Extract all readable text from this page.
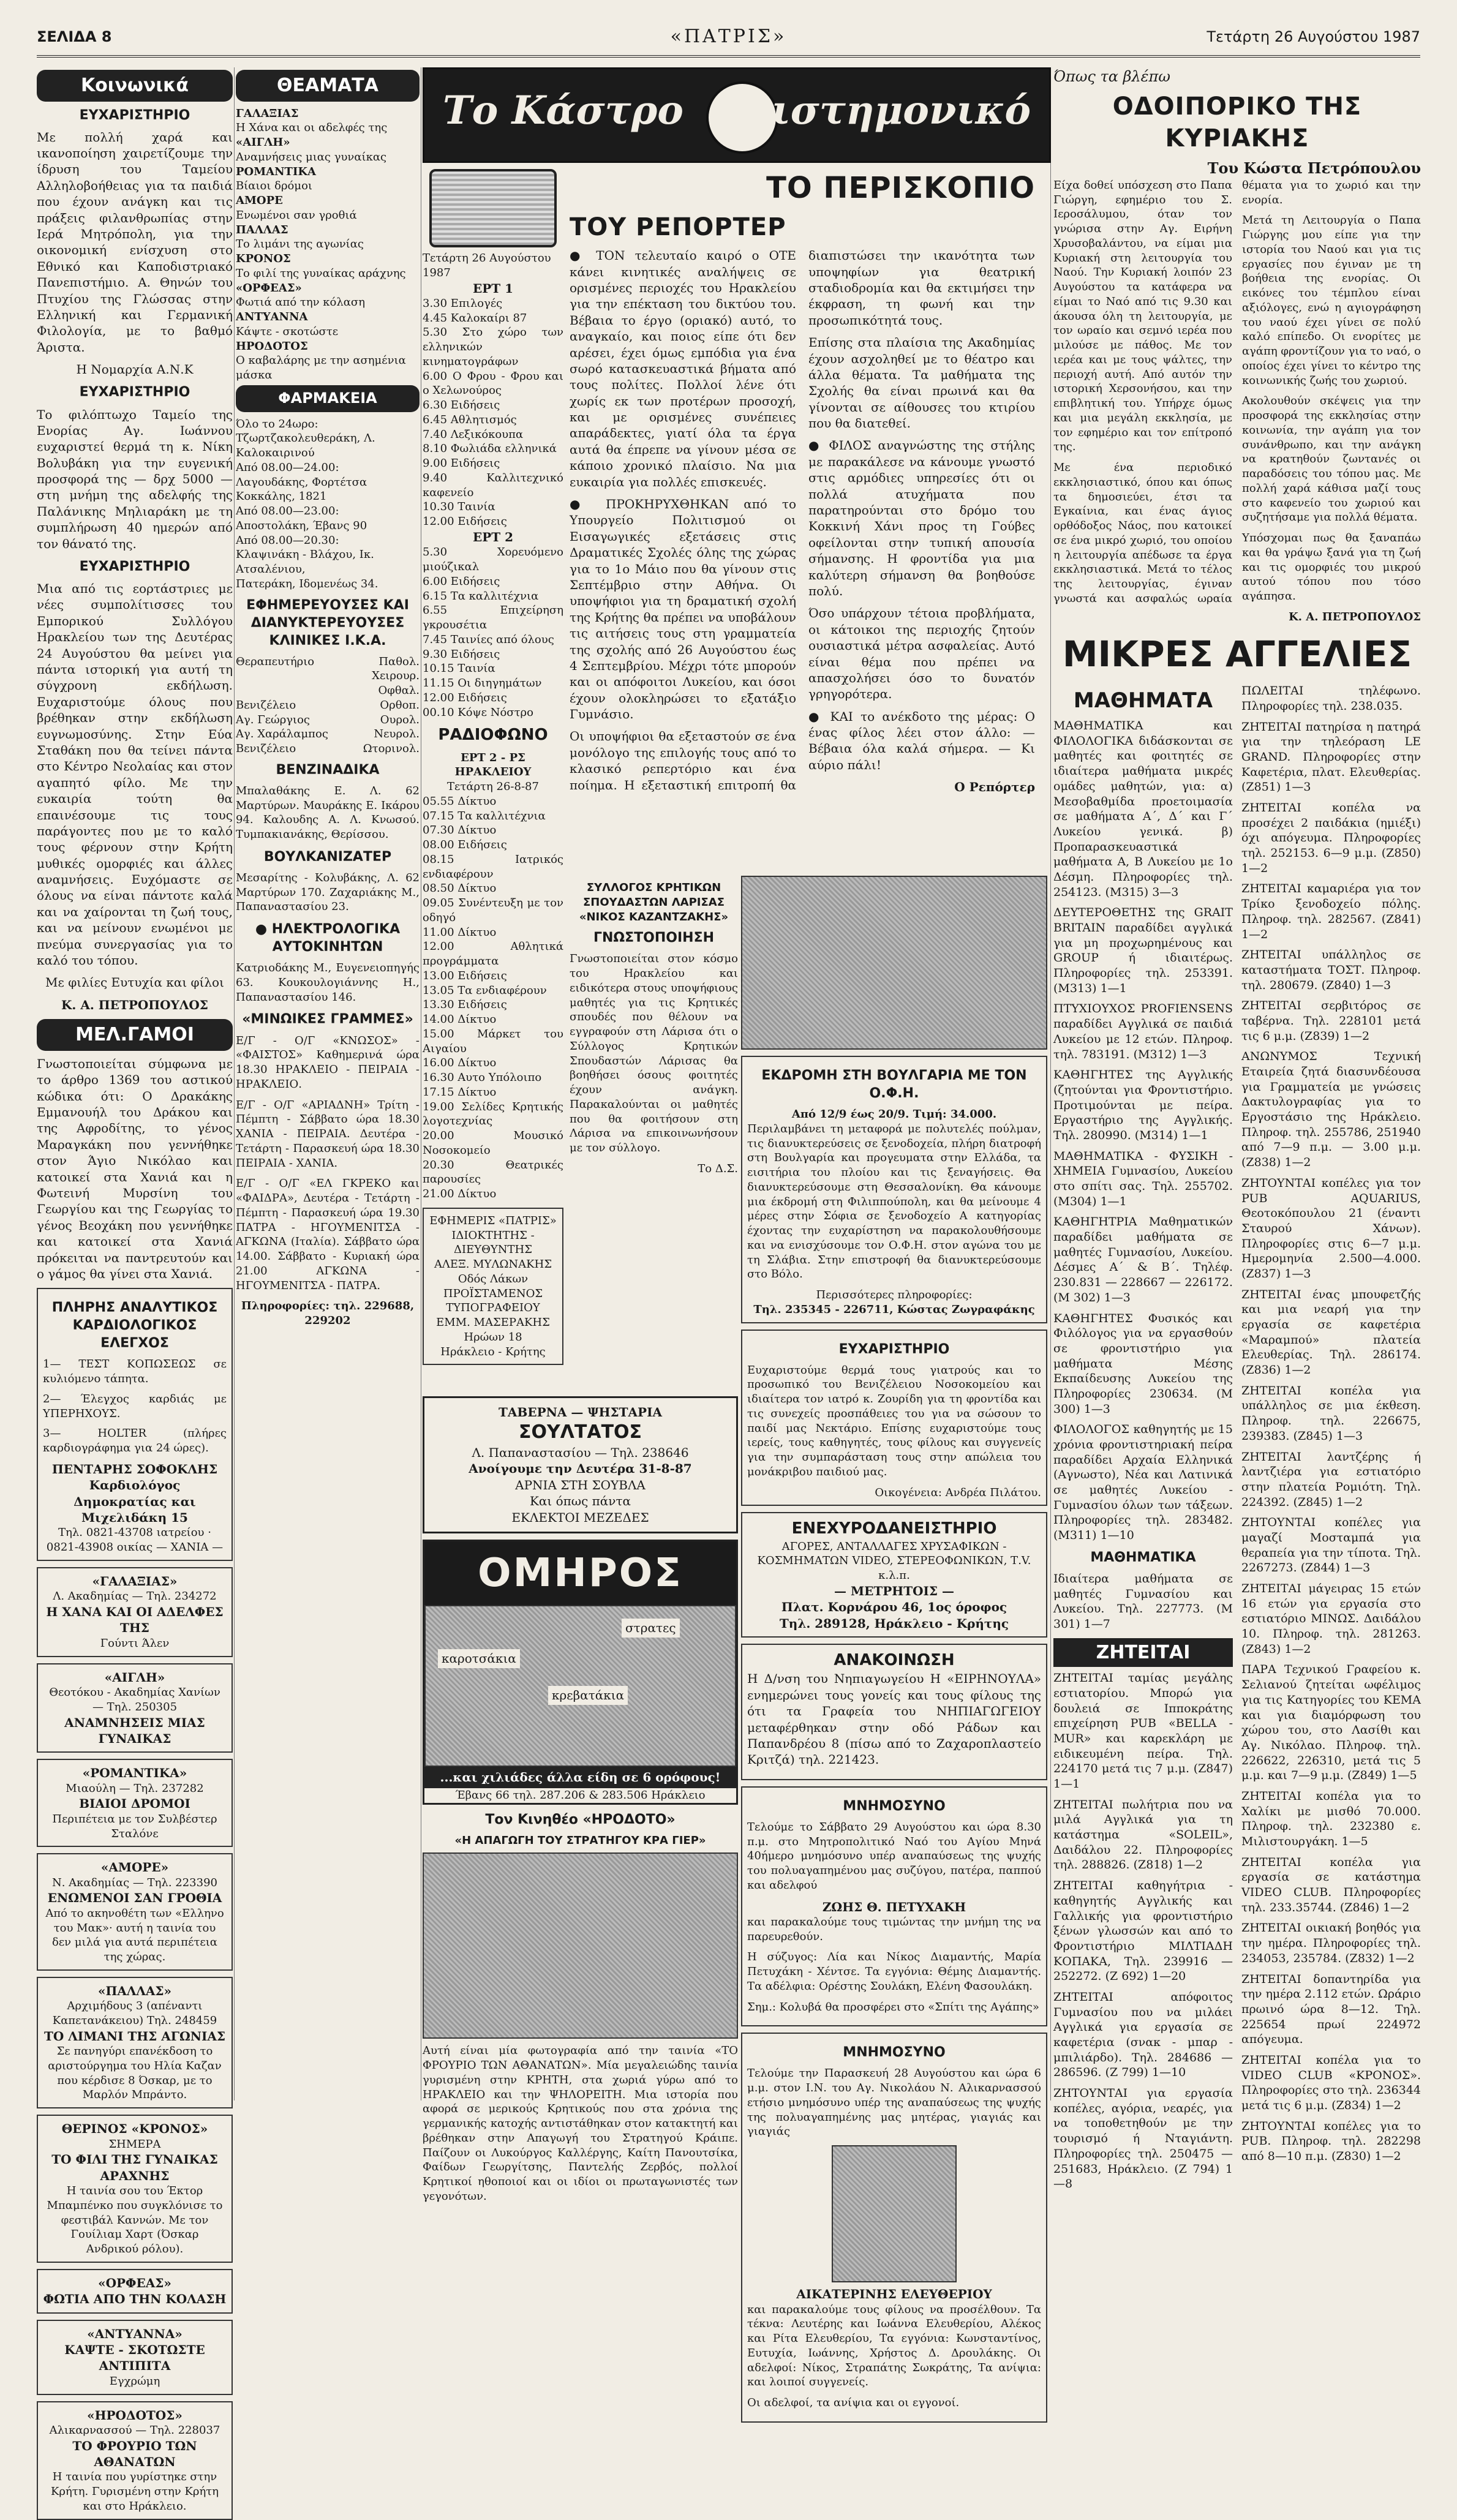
ΣΕΛΙΔΑ 8	«ΠΑΤΡΙΣ»	Τετάρτη 26 Αυγούστου 1987
Κοινωνικά
ΕΥΧΑΡΙΣΤΗΡΙΟ

Με πολλή χαρά και ικανοποίηση χαιρετίζουμε την ίδρυση του Ταμείου Αλληλοβοήθειας για τα παιδιά που έχουν ανάγκη και τις πράξεις φιλανθρωπίας στην Ιερά Μητρόπολη, για την οικονομική ενίσχυση στο Εθνικό και Καποδιστριακό Πανεπιστήμιο. Α. Θηνών του Πτυχίου της Γλώσσας στην Ελληνική και Γερμανική Φιλολογία, με το βαθμό Άριστα.

Η Νομαρχία Α.Ν.Κ

ΕΥΧΑΡΙΣΤΗΡΙΟ

Το φιλόπτωχο Ταμείο της Ενορίας Αγ. Ιωάννου ευχαριστεί θερμά τη κ. Νίκη Βολυβάκη για την ευγενική προσφορά της — δρχ 5000 — στη μνήμη της αδελφής της Παλάνικης Μηλιαράκη με τη συμπλήρωση 40 ημερών από τον θάνατό της.

ΕΥΧΑΡΙΣΤΗΡΙΟ

Μια από τις εορτάστριες με νέες συμπολίτισσες του Εμπορικού Συλλόγου Ηρακλείου των της Δευτέρας 24 Αυγούστου θα μείνει για πάντα ιστορική για αυτή τη σύγχρονη εκδήλωση. Ευχαριστούμε όλους που βρέθηκαν στην εκδήλωση ευγνωμοσύνης. Στην Εύα Σταθάκη που θα τείνει πάντα στο Κέντρο Νεολαίας και στον αγαπητό φίλο. Με την ευκαιρία τούτη θα επαινέσουμε τις τους παράγοντες που με το καλό τους φέρνουν στην Κρήτη μυθικές ομορφιές και άλλες αναμνήσεις. Ευχόμαστε σε όλους να είναι πάντοτε καλά και να χαίρονται τη ζωή τους, και να μείνουν ενωμένοι με πνεύμα συνεργασίας για το καλό του τόπου.

Με φιλίες Ευτυχία και φίλοι

Κ. Α. ΠΕΤΡΟΠΟΥΛΟΣ

ΜΕΛ.ΓΑΜΟΙ

Γνωστοποιείται σύμφωνα με το άρθρο 1369 του αστικού κώδικα ότι: Ο Δρακάκης Εμμανουήλ του Δράκου και της Αφροδίτης, το γένος Μαραγκάκη που γεννήθηκε στον Άγιο Νικόλαο και κατοικεί στα Χανιά και η Φωτεινή Μυρσίνη του Γεωργίου και της Γεωργίας το γένος Βεοχάκη που γεννήθηκε και κατοικεί στα Χανιά πρόκειται να παντρευτούν και ο γάμος θα γίνει στα Χανιά.

ΠΛΗΡΗΣ ΑΝΑΛΥΤΙΚΟΣ ΚΑΡΔΙΟΛΟΓΙΚΟΣ ΕΛΕΓΧΟΣ
1— ΤΕΣΤ ΚΟΠΩΣΕΩΣ σε κυλιόμενο τάπητα.
2— Έλεγχος καρδιάς με ΥΠΕΡΗΧΟΥΣ.
3— HOLTER (πλήρες καρδιογράφημα για 24 ώρες).
ΠΕΝΤΑΡΗΣ ΣΟΦΟΚΛΗΣ Καρδιολόγος
Δημοκρατίας και Μιχελιδάκη 15
Τηλ. 0821-43708 ιατρείου · 0821-43908 οικίας — ΧΑΝΙΑ —
«ΓΑΛΑΞΙΑΣ»
Λ. Ακαδημίας — Τηλ. 234272
Η ΧΑΝΑ ΚΑΙ ΟΙ ΑΔΕΛΦΕΣ ΤΗΣ
Γούντι Άλεν
«ΑΙΓΛΗ»
Θεοτόκου - Ακαδημίας Χανίων — Τηλ. 250305
ΑΝΑΜΝΗΣΕΙΣ ΜΙΑΣ ΓΥΝΑΙΚΑΣ
«ΡΟΜΑΝΤΙΚΑ»
Μιαούλη — Τηλ. 237282
ΒΙΑΙΟΙ ΔΡΟΜΟΙ
Περιπέτεια με τον Συλβέστερ Σταλόνε
«ΑΜΟΡΕ»
Ν. Ακαδημίας — Τηλ. 223390
ΕΝΩΜΕΝΟΙ ΣΑΝ ΓΡΟΘΙΑ
Από το ακηνοθέτη των «Ελληνο του Μακ»· αυτή η ταινία του δεν μιλά για αυτά περιπέτεια της χώρας.
«ΠΑΛΛΑΣ»
Αρχιμήδους 3 (απέναντι Καπετανάκειου) Τηλ. 248459
ΤΟ ΛΙΜΑΝΙ ΤΗΣ ΑΓΩΝΙΑΣ
Σε πανηγύρι επανέκδοση το αριστούργημα του Ηλία Καζαν που κέρδισε 8 Όσκαρ, με το Μαρλόν Μπράντο.
ΘΕΡΙΝΟΣ «ΚΡΟΝΟΣ»
ΣΗΜΕΡΑ
ΤΟ ΦΙΛΙ ΤΗΣ ΓΥΝΑΙΚΑΣ ΑΡΑΧΝΗΣ
Η ταινία σου του Έκτορ Μπαμπένκο που συγκλόνισε το φεστιβάλ Καννών. Με τον Γουίλιαμ Χαρτ (Όσκαρ Ανδρικού ρόλου).
«ΟΡΦΕΑΣ»
ΦΩΤΙΑ ΑΠΟ ΤΗΝ ΚΟΛΑΣΗ
«ΑΝΤΥΑΝΝΑ»
ΚΑΨΤΕ - ΣΚΟΤΩΣΤΕ ΑΝΤΙΠΙΤΑ
Εγχρώμη
«ΗΡΟΔΟΤΟΣ»
Αλικαρνασσού — Τηλ. 228037
ΤΟ ΦΡΟΥΡΙΟ ΤΩΝ ΑΘΑΝΑΤΩΝ
Η ταινία που γυρίστηκε στην Κρήτη. Γυρισμένη στην Κρήτη και στο Ηράκλειο.
ΘΕΑΜΑΤΑ
ΓΑΛΑΞΙΑΣ
Η Χάνα και οι αδελφές της
«ΑΙΓΛΗ»
Αναμνήσεις μιας γυναίκας
ΡΟΜΑΝΤΙΚΑ
Βίαιοι δρόμοι
ΑΜΟΡΕ
Ενωμένοι σαν γροθιά
ΠΑΛΛΑΣ
Το λιμάνι της αγωνίας
ΚΡΟΝΟΣ
Το φιλί της γυναίκας αράχνης
«ΟΡΦΕΑΣ»
Φωτιά από την κόλαση
ΑΝΤΥΑΝΝΑ
Κάψτε - σκοτώστε
ΗΡΟΔΟΤΟΣ
Ο καβαλάρης με την ασημένια μάσκα
ΦΑΡΜΑΚΕΙΑ
Όλο το 24ωρο:
Τζωρτζακολευθεράκη, Λ. Καλοκαιρινού
Από 08.00—24.00:
Λαγουδάκης, Φορτέτσα
Κοκκάλης, 1821
Από 08.00—23.00:
Αποστολάκη, Έβανς 90
Από 08.00—20.30:
Κλαψινάκη - Βλάχου, Ικ. Ατσαλένιου,
Πατεράκη, Ιδομενέως 34.
ΕΦΗΜΕΡΕΥΟΥΣΕΣ ΚΑΙ ΔΙΑΝΥΚΤΕΡΕΥΟΥΣΕΣ ΚΛΙΝΙΚΕΣ Ι.Κ.Α.
Θεραπευτήριο	Παθολ.
Χειρουρ.
Οφθαλ.
Βενιζέλειο	Ορθοπ.
Αγ. Γεώργιος	Ουρολ.
Αγ. Χαράλαμπος	Νευρολ.
Βενιζέλειο	Ωτορινολ.
ΒΕΝΖΙΝΑΔΙΚΑ

Μπαλαθάκης Ε. Λ. 62 Μαρτύρων. Μαυράκης Ε. Ικάρου 94. Καλουδης Α. Λ. Κνωσού. Τυμπακιανάκης, Θερίσσου.

ΒΟΥΛΚΑΝΙΖΑΤΕΡ

Μεσαρίτης - Κολυβάκης, Λ. 62 Μαρτύρων 170. Ζαχαριάκης Μ., Παπαναστασίου 23.

● ΗΛΕΚΤΡΟΛΟΓΙΚΑ ΑΥΤΟΚΙΝΗΤΩΝ

Κατριοδάκης Μ., Ευγενειοπηγής 63. Κουκουλογιάννης Η., Παπαναστασίου 146.

«ΜΙΝΩΙΚΕΣ ΓΡΑΜΜΕΣ»

Ε/Γ - Ο/Γ «ΚΝΩΣΟΣ» - «ΦΑΙΣΤΟΣ» Καθημερινά ώρα 18.30 ΗΡΑΚΛΕΙΟ - ΠΕΙΡΑΙΑ - ΗΡΑΚΛΕΙΟ.

Ε/Γ - Ο/Γ «ΑΡΙΑΔΝΗ» Τρίτη - Πέμπτη - Σάββατο ώρα 18.30 ΧΑΝΙΑ - ΠΕΙΡΑΙΑ. Δευτέρα - Τετάρτη - Παρασκευή ώρα 18.30 ΠΕΙΡΑΙΑ - ΧΑΝΙΑ.

Ε/Γ - Ο/Γ «ΕΛ ΓΚΡΕΚΟ και «ΦΑΙΔΡΑ», Δευτέρα - Τετάρτη - Πέμπτη - Παρασκευή ώρα 19.30 ΠΑΤΡΑ - ΗΓΟΥΜΕΝΙΤΣΑ - ΑΓΚΩΝΑ (Ιταλία). Σάββατο ώρα 14.00. Σάββατο - Κυριακή ώρα 21.00 ΑΓΚΩΝΑ - ΗΓΟΥΜΕΝΙΤΣΑ - ΠΑΤΡΑ.

Πληροφορίες: τηλ. 229688, 229202

Το Κάστρο Επιστημονικό
Τετάρτη 26 Αυγούστου 1987
ΕΡΤ 1
3.30 Επιλογές
4.45 Καλοκαίρι 87
5.30 Στο χώρο των ελληνικών κινηματογράφων
6.00 Ο Φρου - Φρου και ο Χελωνούρος
6.30 Ειδήσεις
6.45 Αθλητισμός
7.40 Λεξικόκουπα
8.10 Φωλιάδα ελληνικά
9.00 Ειδήσεις
9.40 Καλλιτεχνικό καφενείο
10.30 Ταινία
12.00 Ειδήσεις
ΕΡΤ 2
5.30 Χορευόμενο μιούζικαλ
6.00 Ειδήσεις
6.15 Τα καλλιτέχνια
6.55 Επιχείρηση γκρουσέτια
7.45 Ταινίες από όλους
9.30 Ειδήσεις
10.15 Ταινία
11.15 Οι διηγημάτων
12.00 Ειδήσεις
00.10 Κόψε Νόστρο
ΡΑΔΙΟΦΩΝΟ
ΕΡΤ 2 - ΡΣ ΗΡΑΚΛΕΙΟΥ
Τετάρτη 26-8-87
05.55 Δίκτυο
07.15 Τα καλλιτέχνια
07.30 Δίκτυο
08.00 Ειδήσεις
08.15 Ιατρικός ενδιαφέρουν
08.50 Δίκτυο
09.05 Συνέντευξη με τον οδηγό
11.00 Δίκτυο
12.00 Αθλητικά προγράμματα
13.00 Ειδήσεις
13.05 Τα ενδιαφέρουν
13.30 Ειδήσεις
14.00 Δίκτυο
15.00 Μάρκετ του Αιγαίου
16.00 Δίκτυο
16.30 Αυτο Υπόλοιπο
17.15 Δίκτυο
19.00 Σελίδες Κρητικής λογοτεχνίας
20.00 Μουσικό Νοσοκομείο
20.30 Θεατρικές παρουσίες
21.00 Δίκτυο
ΕΦΗΜΕΡΙΣ «ΠΑΤΡΙΣ»
ΙΔΙΟΚΤΗΤΗΣ - ΔΙΕΥΘΥΝΤΗΣ
ΑΛΕΞ. ΜΥΛΩΝΑΚΗΣ
Οδός Λάκων
ΠΡΟΪΣΤΑΜΕΝΟΣ ΤΥΠΟΓΡΑΦΕΙΟΥ
ΕΜΜ. ΜΑΣΕΡΑΚΗΣ
Ηρώων 18
Ηράκλειο - Κρήτης
ΤΟ ΠΕΡΙΣΚΟΠΙΟ
ΤΟΥ ΡΕΠΟΡΤΕΡ

● ΤΟΝ τελευταίο καιρό ο ΟΤΕ κάνει κινητικές αναλήψεις σε ορισμένες περιοχές του Ηρακλείου για την επέκταση του δικτύου του. Βέβαια το έργο (οριακό) αυτό, το αναγκαίο, και ποιος είπε ότι δεν αρέσει, έχει όμως εμπόδια για ένα σωρό κατασκευαστικά βήματα από τους πολίτες. Πολλοί λένε ότι χωρίς εκ των προτέρων προσοχή, και με ορισμένες συνέπειες απαράδεκτες, γιατί όλα τα έργα αυτά θα έπρεπε να γίνουν μέσα σε κάποιο χρονικό πλαίσιο. Να μια ευκαιρία για πολλές επισκευές.

● ΠΡΟΚΗΡΥΧΘΗΚΑΝ από το Υπουργείο Πολιτισμού οι Εισαγωγικές εξετάσεις στις Δραματικές Σχολές όλης της χώρας για το 1ο Μάιο που θα γίνουν στις Σεπτέμβριο στην Αθήνα. Οι υποψήφιοι για τη δραματική σχολή της Κρήτης θα πρέπει να υποβάλουν τις αιτήσεις τους στη γραμματεία της σχολής από 26 Αυγούστου έως 4 Σεπτεμβρίου. Μέχρι τότε μπορούν και οι απόφοιτοι Λυκείου, και όσοι έχουν ολοκληρώσει το εξατάξιο Γυμνάσιο.

Οι υποψήφιοι θα εξεταστούν σε ένα μονόλογο της επιλογής τους από το κλασικό ρεπερτόριο και ένα ποίημα. Η εξεταστική επιτροπή θα διαπιστώσει την ικανότητα των υποψηφίων για θεατρική σταδιοδρομία και θα εκτιμήσει την έκφραση, τη φωνή και την προσωπικότητά τους.

Επίσης στα πλαίσια της Ακαδημίας έχουν ασχοληθεί με το θέατρο και άλλα θέματα. Τα μαθήματα της Σχολής θα είναι πρωινά και θα γίνονται σε αίθουσες του κτιρίου που θα διατεθεί.

● ΦΙΛΟΣ αναγνώστης της στήλης με παρακάλεσε να κάνουμε γνωστό στις αρμόδιες υπηρεσίες ότι οι πολλά ατυχήματα που παρατηρούνται στο δρόμο του Κοκκινή Χάνι προς τη Γούβες οφείλονται στην τυπική απουσία σήμανσης. Η φροντίδα για μια καλύτερη σήμανση θα βοηθούσε πολύ.

Όσο υπάρχουν τέτοια προβλήματα, οι κάτοικοι της περιοχής ζητούν ουσιαστικά μέτρα ασφαλείας. Αυτό είναι θέμα που πρέπει να απασχολήσει όσο το δυνατόν γρηγορότερα.

● ΚΑΙ το ανέκδοτο της μέρας: Ο ένας φίλος λέει στον άλλο: — Βέβαια όλα καλά σήμερα. — Κι αύριο πάλι!

Ο Ρεπόρτερ

ΣΥΛΛΟΓΟΣ ΚΡΗΤΙΚΩΝ ΣΠΟΥΔΑΣΤΩΝ ΛΑΡΙΣΑΣ «ΝΙΚΟΣ ΚΑΖΑΝΤΖΑΚΗΣ»
ΓΝΩΣΤΟΠΟΙΗΣΗ

Γνωστοποιείται στον κόσμο του Ηρακλείου και ειδικότερα στους υποψήφιους μαθητές για τις Κρητικές σπουδές που θέλουν να εγγραφούν στη Λάρισα ότι ο Σύλλογος Κρητικών Σπουδαστών Λάρισας θα βοηθήσει όσους φοιτητές έχουν ανάγκη. Παρακαλούνται οι μαθητές που θα φοιτήσουν στη Λάρισα να επικοινωνήσουν με τον σύλλογο.

Το Δ.Σ.

ΤΑΒΕΡΝΑ — ΨΗΣΤΑΡΙΑ
ΣΟΥΛΤΑΤΟΣ
Λ. Παπαναστασίου — Τηλ. 238646
Ανοίγουμε την Δευτέρα 31-8-87
ΑΡΝΙΑ ΣΤΗ ΣΟΥΒΛΑ
Και όπως πάντα
ΕΚΛΕΚΤΟΙ ΜΕΖΕΔΕΣ
ΟΜΗΡΟΣ
στρατες
καροτσάκια
κρεβατάκια
...και χιλιάδες άλλα είδη σε 6 ορόφους!
Έβανς 66 τηλ. 287.206 & 283.506 Ηράκλειο
Τον Κινηθέο «ΗΡΟΔΟΤΟ»
«Η ΑΠΑΓΩΓΗ ΤΟΥ ΣΤΡΑΤΗΓΟΥ ΚΡΑ ΓΙΕΡ»

Αυτή είναι μία φωτογραφία από την ταινία «ΤΟ ΦΡΟΥΡΙΟ ΤΩΝ ΑΘΑΝΑΤΩΝ». Μία μεγαλειώδης ταινία γυρισμένη στην ΚΡΗΤΗ, στα χωριά γύρω από το ΗΡΑΚΛΕΙΟ και την ΨΗΛΟΡΕΙΤΗ. Μια ιστορία που αφορά σε μερικούς Κρητικούς που στα χρόνια της γερμανικής κατοχής αντιστάθηκαν στον κατακτητή και βρέθηκαν στην Απαγωγή του Στρατηγού Κράιπε. Παίζουν οι Λυκούργος Καλλέργης, Καίτη Πανουτσίκα, Φαίδων Γεωργίτσης, Παντελής Ζερβός, πολλοί Κρητικοί ηθοποιοί και οι ιδίοι οι πρωταγωνιστές των γεγονότων.

ΕΚΔΡΟΜΗ ΣΤΗ ΒΟΥΛΓΑΡΙΑ ΜΕ ΤΟΝ Ο.Φ.Η.
Από 12/9 έως 20/9. Τιμή: 34.000.

Περιλαμβάνει τη μεταφορά με πολυτελές πούλμαν, τις διανυκτερεύσεις σε ξενοδοχεία, πλήρη διατροφή στη Βουλγαρία και προγευματα στην Ελλάδα, τα εισιτήρια του πλοίου και τις ξεναγήσεις. Θα διανυκτερεύσουμε στη Θεσσαλονίκη. Θα κάνουμε μια έκδρομή στη Φιλιππούπολη, και θα μείνουμε 4 μέρες στην Σόφια σε ξενοδοχείο Α κατηγορίας έχοντας την ευχαρίστηση να παρακολουθήσουμε και να ενισχύσουμε τον Ο.Φ.Η. στον αγώνα του με τη Σλάβια. Στην επιστροφή θα διανυκτερεύσουμε στο Βόλο.

Περισσότερες πληροφορίες:
Τηλ. 235345 - 226711, Κώστας Ζωγραφάκης
ΕΥΧΑΡΙΣΤΗΡΙΟ

Ευχαριστούμε θερμά τους γιατρούς και το προσωπικό του Βενιζέλειου Νοσοκομείου και ιδιαίτερα τον ιατρό κ. Ζουρίδη για τη φροντίδα και τις συνεχείς προσπάθειες του για να σώσουν το παιδί μας Νεκτάριο. Επίσης ευχαριστούμε τους ιερείς, τους καθηγητές, τους φίλους και συγγενείς για την συμπαράσταση τους στην απώλεια του μονάκριβου παιδιού μας.

Οικογένεια: Ανδρέα Πιλάτου.
ΕΝΕΧΥΡΟΔΑΝΕΙΣΤΗΡΙΟ
ΑΓΟΡΕΣ, ΑΝΤΑΛΛΑΓΕΣ ΧΡΥΣΑΦΙΚΩΝ - ΚΟΣΜΗΜΑΤΩΝ VIDEO, ΣΤΕΡΕΟΦΩΝΙΚΩΝ, Τ.V. κ.λ.π.
— ΜΕΤΡΗΤΟΙΣ —
Πλατ. Κορνάρου 46, 1ος όροφος
Τηλ. 289128, Ηράκλειο - Κρήτης
ΑΝΑΚΟΙΝΩΣΗ

Η Δ/νση του Νηπιαγωγείου Η «ΕΙΡΗΝΟΥΛΑ» ενημερώνει τους γονείς και τους φίλους της ότι τα Γραφεία του ΝΗΠΙΑΓΩΓΕΙΟΥ μεταφέρθηκαν στην οδό Ράδων και Παπανδρέου 8 (πίσω από το Ζαχαροπλαστείο Κριτζά) τηλ. 221423.

ΜΝΗΜΟΣΥΝΟ

Τελούμε το Σάββατο 29 Αυγούστου και ώρα 8.30 π.μ. στο Μητροπολιτικό Ναό του Αγίου Μηνά 40ήμερο μνημόσυνο υπέρ αναπαύσεως της ψυχής του πολυαγαπημένου μας συζύγου, πατέρα, παππού και αδελφού

ΖΩΗΣ Θ. ΠΕΤΥΧΑΚΗ

και παρακαλούμε τους τιμώντας την μνήμη της να παρευρεθούν.

Η σύζυγος: Λία και Νίκος Διαμαντής, Μαρία Πετυχάκη - Χέντσε. Τα εγγόνια: Θέμης Διαμαντής. Τα αδέλφια: Ορέστης Σουλάκη, Ελένη Φασουλάκη.

Σημ.: Κολυβά θα προσφέρει στο «Σπίτι της Αγάπης»

ΜΝΗΜΟΣΥΝΟ

Τελούμε την Παρασκευή 28 Αυγούστου και ώρα 6 μ.μ. στον Ι.Ν. του Αγ. Νικολάου Ν. Αλικαρνασσού ετήσιο μνημόσυνο υπέρ της αναπαύσεως της ψυχής της πολυαγαπημένης μας μητέρας, γιαγιάς και γιαγιάς

ΑΙΚΑΤΕΡΙΝΗΣ ΕΛΕΥΘΕΡΙΟΥ

και παρακαλούμε τους φίλους να προσέλθουν. Τα τέκνα: Λευτέρης και Ιωάννα Ελευθερίου, Αλέκος και Ρίτα Ελευθερίου, Τα εγγόνια: Κωνσταντίνος, Ευτυχία, Ιωάννης, Χρήστος Δ. Δρουλάκης. Οι αδελφοί: Νίκος, Στραπάτης Σωκράτης, Τα ανίψια: και λοιποί συγγενείς.

Οι αδελφοί, τα ανίψια και οι εγγονοί.

Όπως τα βλέπω
ΟΔΟΙΠΟΡΙΚΟ ΤΗΣ ΚΥΡΙΑΚΗΣ
Του Κώστα Πετρόπουλου

Είχα δοθεί υπόσχεση στο Παπα Γιώργη, εφημέριο του Σ. Ιεροσάλυμου, όταν τον γνώρισα στην Αγ. Ειρήνη Χρυσοβαλάντου, να είμαι μια Κυριακή στη λειτουργία του Ναού. Την Κυριακή λοιπόν 23 Αυγούστου τα κατάφερα να είμαι το Ναό από τις 9.30 και άκουσα όλη τη λειτουργία, με τον ωραίο και σεμνό ιερέα που μιλούσε με πάθος. Με τον ιερέα και με τους ψάλτες, την περιοχή αυτή. Από αυτόν την ιστορική Χερσονήσου, και την επιβλητική του. Υπήρχε όμως και μια μεγάλη εκκλησία, με τον εφημέριο και τον επίτροπό της.

Με ένα περιοδικό εκκλησιαστικό, όπου και όπως τα δημοσιεύει, έτσι τα Εγκαίνια, και ένας άγιος ορθόδοξος Νάος, που κατοικεί σε ένα μικρό χωριό, του οποίου η λειτουργία απέδωσε τα έργα εκκλησιαστικά. Μετά το τέλος της λειτουργίας, έγιναν γνωστά και ασφαλώς ωραία θέματα για το χωριό και την ενορία.

Μετά τη Λειτουργία ο Παπα Γιώργης μου είπε για την ιστορία του Ναού και για τις εργασίες που έγιναν με τη βοήθεια της ενορίας. Οι εικόνες του τέμπλου είναι αξιόλογες, ενώ η αγιογράφηση του ναού έχει γίνει σε πολύ καλό επίπεδο. Οι ενορίτες με αγάπη φροντίζουν για το ναό, ο οποίος έχει γίνει το κέντρο της κοινωνικής ζωής του χωριού.

Ακολουθούν σκέψεις για την προσφορά της εκκλησίας στην κοινωνία, την αγάπη για τον συνάνθρωπο, και την ανάγκη να κρατηθούν ζωντανές οι παραδόσεις του τόπου μας. Με πολλή χαρά κάθισα μαζί τους στο καφενείο του χωριού και συζητήσαμε για πολλά θέματα.

Υπόσχομαι πως θα ξαναπάω και θα γράψω ξανά για τη ζωή και τις ομορφιές του μικρού αυτού τόπου που τόσο αγάπησα.

Κ. Α. ΠΕΤΡΟΠΟΥΛΟΣ

ΜΙΚΡΕΣ ΑΓΓΕΛΙΕΣ
ΜΑΘΗΜΑΤΑ
ΜΑΘΗΜΑΤΙΚΑ και ΦΙΛΟΛΟΓΙΚΑ διδάσκονται σε μαθητές και φοιτητές σε ιδιαίτερα μαθήματα μικρές ομάδες μαθητών, για: α) Μεσοβαθμίδα προετοιμασία σε μαθήματα Α΄, Δ΄ και Γ΄ Λυκείου γενικά. β) Προπαρασκευαστικά μαθήματα Α, Β Λυκείου με 1ο Δέσμη. Πληροφορίες τηλ. 254123. (Μ315) 3—3
ΔΕΥΤΕΡΟΘΕΤΗΣ της GRAIT BRITAIN παραδίδει αγγλικά για μη προχωρημένους και GROUP ή ιδιαιτέρως. Πληροφορίες τηλ. 253391. (Μ313) 1—1
ΠΤΥΧΙΟΥΧΟΣ PROFIENSENS παραδίδει Αγγλικά σε παιδιά Λυκείου με 12 ετών. Πληροφ. τηλ. 783191. (Μ312) 1—3
ΚΑΘΗΓΗΤΕΣ της Αγγλικής (ζητούνται για Φροντιστήριο. Προτιμούνται με πείρα. Εργαστήριο της Αγγλικής. Τηλ. 280990. (Μ314) 1—1
ΜΑΘΗΜΑΤΙΚΑ - ΦΥΣΙΚΗ - ΧΗΜΕΙΑ Γυμνασίου, Λυκείου στο σπίτι σας. Τηλ. 255702. (Μ304) 1—1
ΚΑΘΗΓΗΤΡΙΑ Μαθηματικών παραδίδει μαθήματα σε μαθητές Γυμνασίου, Λυκείου. Δέσμες Α΄ & Β΄. Τηλέφ. 230.831 — 228667 — 226172. (Μ 302) 1—3
ΚΑΘΗΓΗΤΕΣ Φυσικός και Φιλόλογος για να εργασθούν σε φροντιστήριο για μαθήματα Μέσης Εκπαίδευσης Λυκείου της Πληροφορίες 230634. (Μ 300) 1—3
ΦΙΛΟΛΟΓΟΣ καθηγητής με 15 χρόνια φροντιστηριακή πείρα παραδίδει Αρχαία Ελληνικά (Αγνωστο), Νέα και Λατινικά σε μαθητές Λυκείου - Γυμνασίου όλων των τάξεων. Πληροφορίες τηλ. 283482. (Μ311) 1—10
ΜΑΘΗΜΑΤΙΚΑ

Ιδιαίτερα μαθήματα σε μαθητές Γυμνασίου και Λυκείου. Τηλ. 227773. (Μ 301) 1—7

ΖΗΤΕΙΤΑΙ
ΖΗΤΕΙΤΑΙ ταμίας μεγάλης εστιατορίου. Μπορώ για δουλειά σε Ιπποκράτης επιχείρηση PUB «BELLA - MUR» και καρεκλάρη με ειδικευμένη πείρα. Τηλ. 224170 μετά τις 7 μ.μ. (Ζ847) 1—1
ΖΗΤΕΙΤΑΙ πωλήτρια που να μιλά Αγγλικά για τη κατάστημα «SOLEIL», Δαιδάλου 22. Πληροφορίες τηλ. 288826. (Ζ818) 1—2
ΖΗΤΕΙΤΑΙ καθηγήτρια - καθηγητής Αγγλικής και Γαλλικής για φροντιστήριο ξένων γλωσσών και από το Φροντιστήριο ΜΙΛΤΙΑΔΗ ΚΟΠΑΚΑ, Τηλ. 239916 — 252272. (Ζ 692) 1—20
ΖΗΤΕΙΤΑΙ απόφοιτος Γυμνασίου που να μιλάει Αγγλικά για εργασία σε καφετέρια (σνακ - μπαρ - μπιλιάρδο). Τηλ. 284686 — 286596. (Ζ 799) 1—10
ΖΗΤΟΥΝΤΑΙ για εργασία κοπέλες, αγόρια, νεαρές, για να τοποθετηθούν με την τουρισμό ή Νταγιάντη. Πληροφορίες τηλ. 250475 — 251683, Ηράκλειο. (Ζ 794) 1—8
ΠΩΛΕΙΤΑΙ τηλέφωνο. Πληροφορίες τηλ. 238.035.
ΖΗΤΕΙΤΑΙ πατηρίσα η πατηρά για την τηλεόραση LE GRAND. Πληροφορίες στην Καφετέρια, πλατ. Ελευθερίας. (Ζ851) 1—3
ΖΗΤΕΙΤΑΙ κοπέλα να προσέχει 2 παιδάκια (ημιέξι) όχι απόγευμα. Πληροφορίες τηλ. 252153. 6—9 μ.μ. (Ζ850) 1—2
ΖΗΤΕΙΤΑΙ καμαριέρα για τον Τρίκο ξενοδοχείο πόλης. Πληροφ. τηλ. 282567. (Ζ841) 1—2
ΖΗΤΕΙΤΑΙ υπάλληλος σε καταστήματα ΤΟΣΤ. Πληροφ. τηλ. 280679. (Ζ840) 1—3
ΖΗΤΕΙΤΑΙ σερβιτόρος σε ταβέρνα. Τηλ. 228101 μετά τις 6 μ.μ. (Ζ839) 1—2
ΑΝΩΝΥΜΟΣ Τεχνική Εταιρεία ζητά διασυνδέουσα για Γραμματεία με γνώσεις Δακτυλογραφίας για το Εργοστάσιο της Ηράκλειο. Πληροφ. τηλ. 255786, 251940 από 7—9 π.μ. — 3.00 μ.μ. (Ζ838) 1—2
ΖΗΤΟΥΝΤΑΙ κοπέλες για τον PUB AQUARIUS, Θεοτοκόπουλου 21 (έναντι Σταυρού Χάνων). Πληροφορίες στις 6—7 μ.μ. Ημερομηνία 2.500—4.000. (Ζ837) 1—3
ΖΗΤΕΙΤΑΙ ένας μπουφετζής και μια νεαρή για την εργασία σε καφετέρια «Μαραμπού» πλατεία Ελευθερίας. Τηλ. 286174. (Ζ836) 1—2
ΖΗΤΕΙΤΑΙ κοπέλα για υπάλληλος σε μια έκθεση. Πληροφ. τηλ. 226675, 239383. (Ζ845) 1—3
ΖΗΤΕΙΤΑΙ λαντζέρης ή λαντζιέρα για εστιατόριο στην πλατεία Ρομιότη. Τηλ. 224392. (Ζ845) 1—2
ΖΗΤΟΥΝΤΑΙ κοπέλες για μαγαζί Μοσταμπά για θεραπεία για την τίποτα. Τηλ. 2267273. (Ζ844) 1—3
ΖΗΤΕΙΤΑΙ μάγειρας 15 ετών 16 ετών για εργασία στο εστιατόριο ΜΙΝΩΣ. Δαιδάλου 10. Πληροφ. τηλ. 281263. (Ζ843) 1—2
ΠΑΡΑ Τεχνικού Γραφείου κ. Σελιανού ζητείται ωφέλιμος για τις Κατηγορίες του ΚΕΜΑ και για διαμόρφωση του χώρου του, στο Λασίθι και Αγ. Νικόλαο. Πληροφ. τηλ. 226622, 226310, μετά τις 5 μ.μ. και 7—9 μ.μ. (Ζ849) 1—5
ΖΗΤΕΙΤΑΙ κοπέλα για το Χαλίκι με μισθό 70.000. Πληροφ. τηλ. 232380 ε. Μιλιστουργάκη. 1—5
ΖΗΤΕΙΤΑΙ κοπέλα για εργασία σε κατάστημα VIDEO CLUB. Πληροφορίες τηλ. 233.35744. (Ζ846) 1—2
ΖΗΤΕΙΤΑΙ οικιακή βοηθός για την ημέρα. Πληροφορίες τηλ. 234053, 235784. (Ζ832) 1—2
ΖΗΤΕΙΤΑΙ δοπαντηρίδα για την ημέρα 2.112 ετών. Ωράριο πρωινό ώρα 8—12. Τηλ. 225654 πρωί 224972 απόγευμα.
ΖΗΤΕΙΤΑΙ κοπέλα για το VIDEO CLUB «ΚΡΟΝΟΣ». Πληροφορίες στο τηλ. 236344 μετά τις 6 μ.μ. (Ζ834) 1—2
ΖΗΤΟΥΝΤΑΙ κοπέλες για το PUB. Πληροφ. τηλ. 282298 από 8—10 π.μ. (Ζ830) 1—2
